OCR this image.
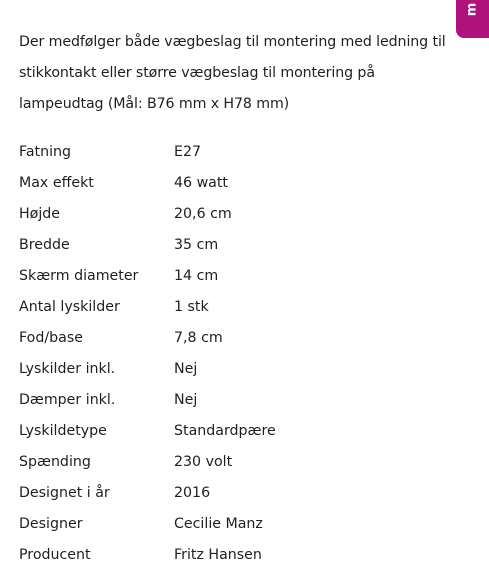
Der medfølger både vægbeslag til montering med ledning til stikkontakt eller større vægbeslag til montering på lampeudtag (Mål: B76 mm x H78 mm)

m
Fatning	E27
Max effekt	46 watt
Højde	20,6 cm
Bredde	35 cm
Skærm diameter	14 cm
Antal lyskilder	1 stk
Fod/base	7,8 cm
Lyskilder inkl.	Nej
Dæmper inkl.	Nej
Lyskildetype	Standardpære
Spænding	230 volt
Designet i år	2016
Designer	Cecilie Manz
Producent	Fritz Hansen
